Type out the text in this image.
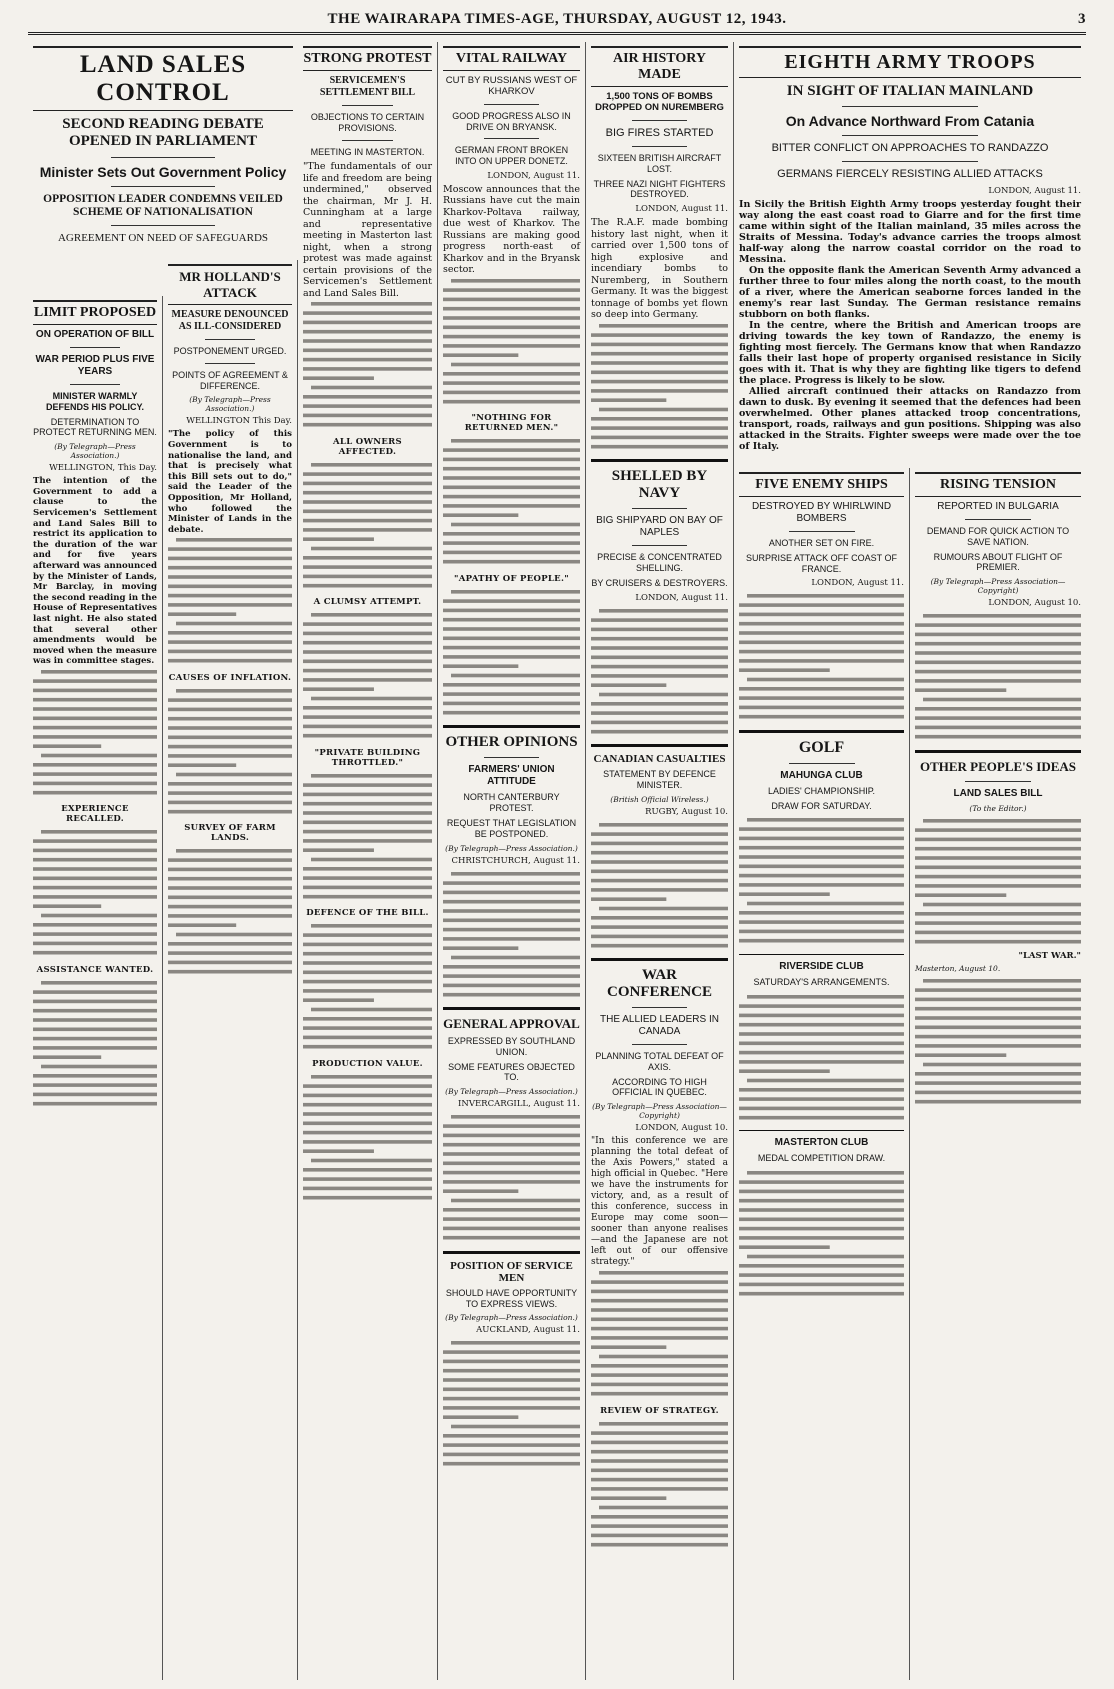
THE WAIRARAPA TIMES-AGE, THURSDAY, AUGUST 12, 1943.	3
LAND SALES CONTROL
SECOND READING DEBATE OPENED IN PARLIAMENT
Minister Sets Out Government Policy
OPPOSITION LEADER CONDEMNS VEILED SCHEME OF NATIONALISATION
AGREEMENT ON NEED OF SAFEGUARDS
LIMIT PROPOSED
ON OPERATION OF BILL
WAR PERIOD PLUS FIVE YEARS
MINISTER WARMLY DEFENDS HIS POLICY.
DETERMINATION TO PROTECT RETURNING MEN.
(By Telegraph—Press Association.)
WELLINGTON, This Day.

The intention of the Government to add a clause to the Servicemen's Settlement and Land Sales Bill to restrict its application to the duration of the war and for five years afterward was announced by the Minister of Lands, Mr Barclay, in moving the second reading in the House of Representatives last night. He also stated that several other amendments would be moved when the measure was in committee stages.

EXPERIENCE RECALLED.
ASSISTANCE WANTED.
MR HOLLAND'S ATTACK
MEASURE DENOUNCED AS ILL-CONSIDERED
POSTPONEMENT URGED.
POINTS OF AGREEMENT & DIFFERENCE.
(By Telegraph—Press Association.)
WELLINGTON This Day.

"The policy of this Government is to nationalise the land, and that is precisely what this Bill sets out to do," said the Leader of the Opposition, Mr Holland, who followed the Minister of Lands in the debate.

CAUSES OF INFLATION.
SURVEY OF FARM LANDS.
STRONG PROTEST
SERVICEMEN'S SETTLEMENT BILL
OBJECTIONS TO CERTAIN PROVISIONS.
MEETING IN MASTERTON.

"The fundamentals of our life and freedom are being undermined," observed the chairman, Mr J. H. Cunningham at a large and representative meeting in Masterton last night, when a strong protest was made against certain provisions of the Servicemen's Settlement and Land Sales Bill.

ALL OWNERS AFFECTED.
A CLUMSY ATTEMPT.
"PRIVATE BUILDING THROTTLED."
DEFENCE OF THE BILL.
PRODUCTION VALUE.
VITAL RAILWAY
CUT BY RUSSIANS WEST OF KHARKOV
GOOD PROGRESS ALSO IN DRIVE ON BRYANSK.
GERMAN FRONT BROKEN INTO ON UPPER DONETZ.
LONDON, August 11.

Moscow announces that the Russians have cut the main Kharkov-Poltava railway, due west of Kharkov. The Russians are making good progress north-east of Kharkov and in the Bryansk sector.

"NOTHING FOR RETURNED MEN."
"APATHY OF PEOPLE."
OTHER OPINIONS
FARMERS' UNION ATTITUDE
NORTH CANTERBURY PROTEST.
REQUEST THAT LEGISLATION BE POSTPONED.
(By Telegraph—Press Association.)
CHRISTCHURCH, August 11.
GENERAL APPROVAL
EXPRESSED BY SOUTHLAND UNION.
SOME FEATURES OBJECTED TO.
(By Telegraph—Press Association.)
INVERCARGILL, August 11.
POSITION OF SERVICE MEN
SHOULD HAVE OPPORTUNITY TO EXPRESS VIEWS.
(By Telegraph—Press Association.)
AUCKLAND, August 11.
AIR HISTORY MADE
1,500 TONS OF BOMBS DROPPED ON NUREMBERG
BIG FIRES STARTED
SIXTEEN BRITISH AIRCRAFT LOST.
THREE NAZI NIGHT FIGHTERS DESTROYED.
LONDON, August 11.

The R.A.F. made bombing history last night, when it carried over 1,500 tons of high explosive and incendiary bombs to Nuremberg, in Southern Germany. It was the biggest tonnage of bombs yet flown so deep into Germany.

SHELLED BY NAVY
BIG SHIPYARD ON BAY OF NAPLES
PRECISE & CONCENTRATED SHELLING.
BY CRUISERS & DESTROYERS.
LONDON, August 11.
CANADIAN CASUALTIES
STATEMENT BY DEFENCE MINISTER.
(British Official Wireless.)
RUGBY, August 10.
WAR CONFERENCE
THE ALLIED LEADERS IN CANADA
PLANNING TOTAL DEFEAT OF AXIS.
ACCORDING TO HIGH OFFICIAL IN QUEBEC.
(By Telegraph—Press Association—Copyright)
LONDON, August 10.

"In this conference we are planning the total defeat of the Axis Powers," stated a high official in Quebec. "Here we have the instruments for victory, and, as a result of this conference, success in Europe may come soon—sooner than anyone realises—and the Japanese are not left out of our offensive strategy."

REVIEW OF STRATEGY.
EIGHTH ARMY TROOPS
IN SIGHT OF ITALIAN MAINLAND
On Advance Northward From Catania
BITTER CONFLICT ON APPROACHES TO RANDAZZO
GERMANS FIERCELY RESISTING ALLIED ATTACKS
LONDON, August 11.

In Sicily the British Eighth Army troops yesterday fought their way along the east coast road to Giarre and for the first time came within sight of the Italian mainland, 35 miles across the Straits of Messina. Today's advance carries the troops almost half-way along the narrow coastal corridor on the road to Messina.

On the opposite flank the American Seventh Army advanced a further three to four miles along the north coast, to the mouth of a river, where the American seaborne forces landed in the enemy's rear last Sunday. The German resistance remains stubborn on both flanks.

In the centre, where the British and American troops are driving towards the key town of Randazzo, the enemy is fighting most fiercely. The Germans know that when Randazzo falls their last hope of property organised resistance in Sicily goes with it. That is why they are fighting like tigers to defend the place. Progress is likely to be slow.

Allied aircraft continued their attacks on Randazzo from dawn to dusk. By evening it seemed that the defences had been overwhelmed. Other planes attacked troop concentrations, transport, roads, railways and gun positions. Shipping was also attacked in the Straits. Fighter sweeps were made over the toe of Italy.

FIVE ENEMY SHIPS
DESTROYED BY WHIRLWIND BOMBERS
ANOTHER SET ON FIRE.
SURPRISE ATTACK OFF COAST OF FRANCE.
LONDON, August 11.
GOLF
MAHUNGA CLUB
LADIES' CHAMPIONSHIP.
DRAW FOR SATURDAY.
RIVERSIDE CLUB
SATURDAY'S ARRANGEMENTS.
MASTERTON CLUB
MEDAL COMPETITION DRAW.
RISING TENSION
REPORTED IN BULGARIA
DEMAND FOR QUICK ACTION TO SAVE NATION.
RUMOURS ABOUT FLIGHT OF PREMIER.
(By Telegraph—Press Association—Copyright)
LONDON, August 10.
OTHER PEOPLE'S IDEAS
LAND SALES BILL
(To the Editor.)
"LAST WAR."
Masterton, August 10.
